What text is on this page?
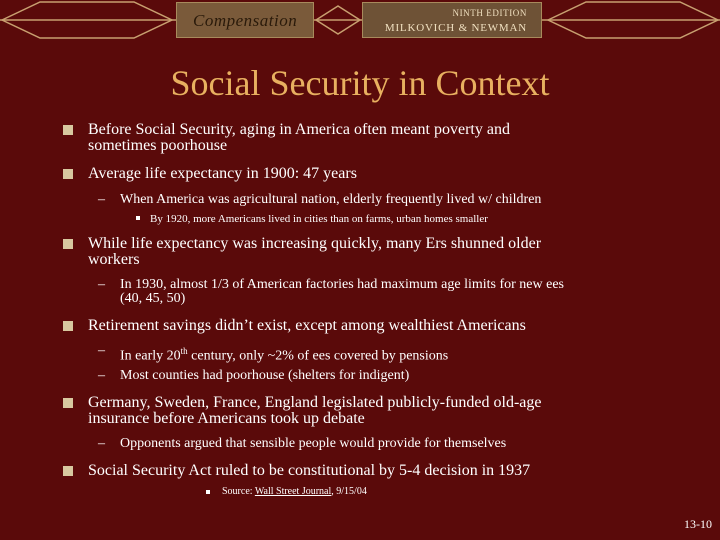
Compensation	NINTH EDITION
MILKOVICH & NEWMAN
Social Security in Context
Before Social Security, aging in America often meant poverty and
sometimes poorhouse
Average life expectancy in 1900: 47 years
– When America was agricultural nation, elderly frequently lived w/ children
By 1920, more Americans lived in cities than on farms, urban homes smaller
While life expectancy was increasing quickly, many Ers shunned older
workers
– In 1930, almost 1/3 of American factories had maximum age limits for new ees
(40, 45, 50)
Retirement savings didn’t exist, except among wealthiest Americans
– In early 20th century, only ~2% of ees covered by pensions
– Most counties had poorhouse (shelters for indigent)
Germany, Sweden, France, England legislated publicly-funded old-age
insurance before Americans took up debate
– Opponents argued that sensible people would provide for themselves
Social Security Act ruled to be constitutional by 5-4 decision in 1937
Source: Wall Street Journal, 9/15/04
13-10
